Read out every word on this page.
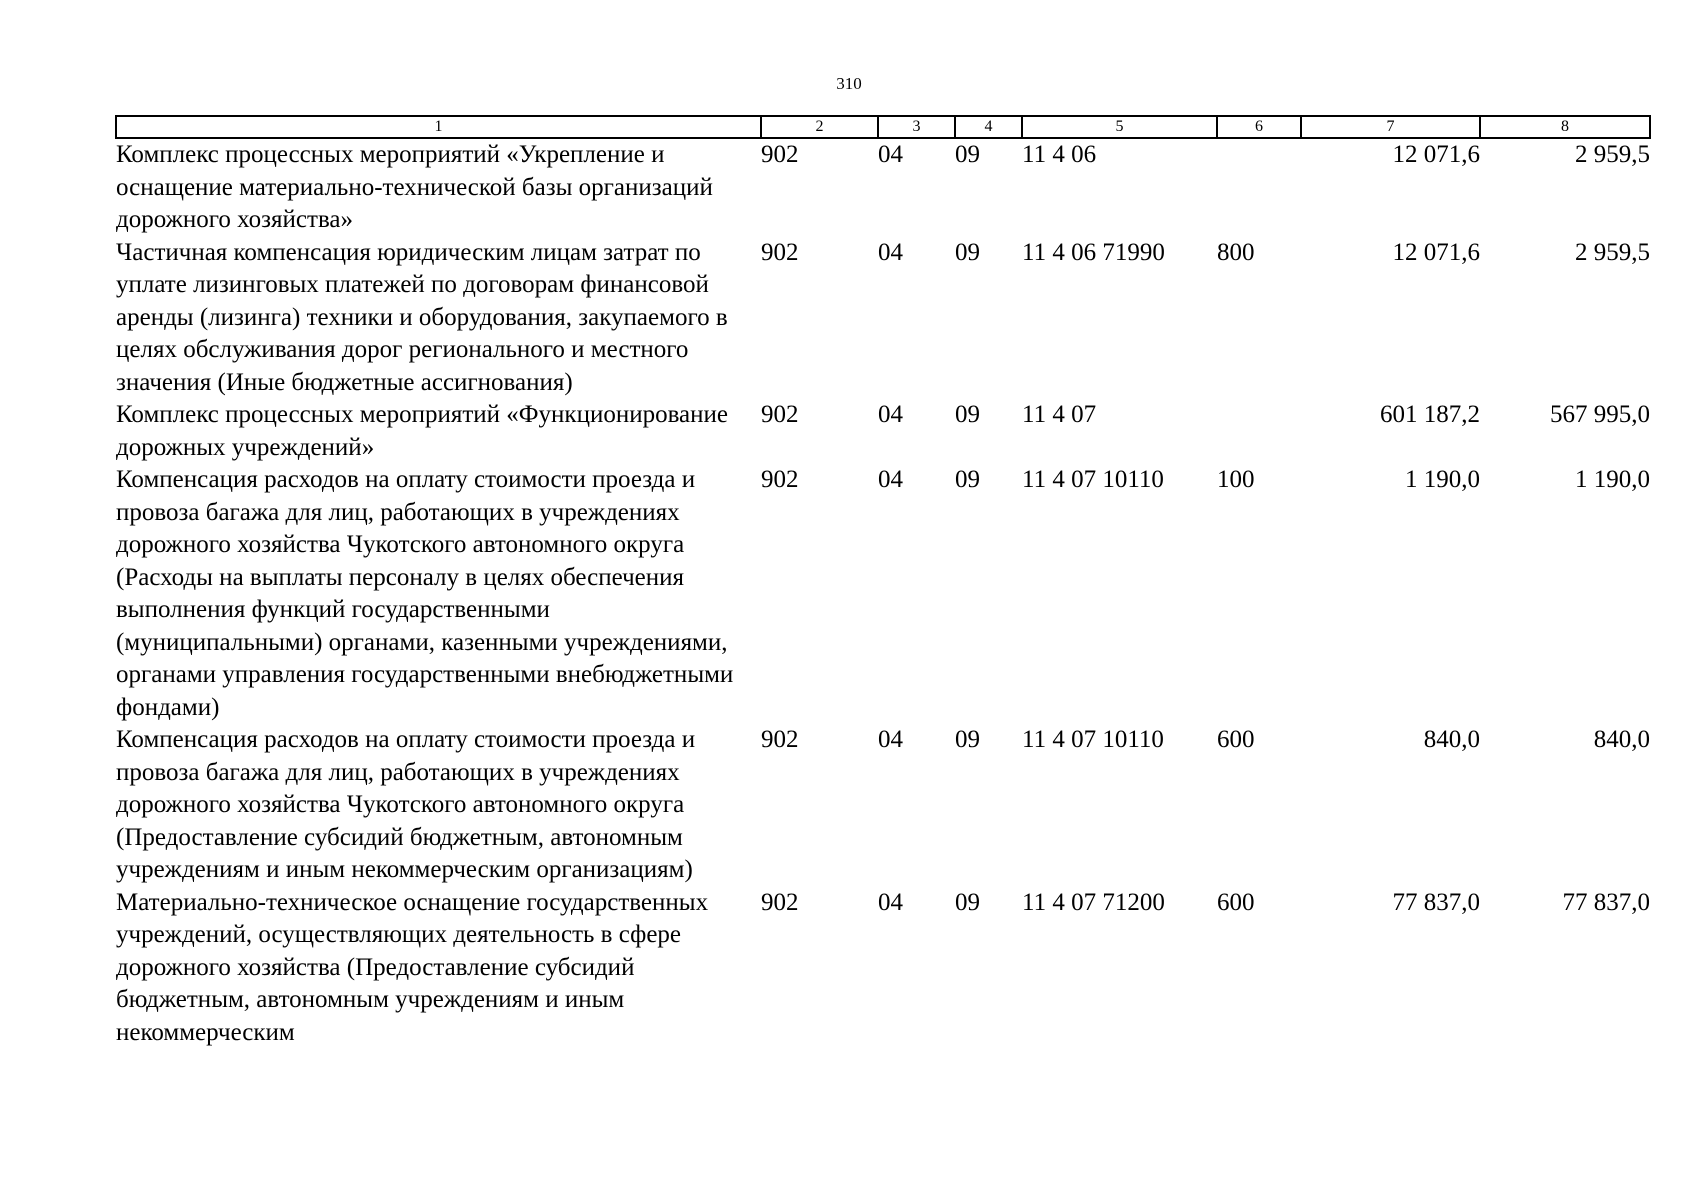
310
1	2	3	4	5	6	7	8
Комплекс процессных мероприятий «Укрепление и оснащение материально-технической базы организаций дорожного хозяйства»	902	04	09	11 4 06		12 071,6	2 959,5
Частичная компенсация юридическим лицам затрат по уплате лизинговых платежей по договорам финансовой аренды (лизинга) техники и оборудования, закупаемого в целях обслуживания дорог регионального и местного значения (Иные бюджетные ассигнования)	902	04	09	11 4 06 71990	800	12 071,6	2 959,5
Комплекс процессных мероприятий «Функционирование дорожных учреждений»	902	04	09	11 4 07		601 187,2	567 995,0
Компенсация расходов на оплату стоимости проезда и провоза багажа для лиц, работающих в учреждениях дорожного хозяйства Чукотского автономного округа (Расходы на выплаты персоналу в целях обеспечения выполнения функций государственными (муниципальными) органами, казенными учреждениями, органами управления государственными внебюджетными фондами)	902	04	09	11 4 07 10110	100	1 190,0	1 190,0
Компенсация расходов на оплату стоимости проезда и провоза багажа для лиц, работающих в учреждениях дорожного хозяйства Чукотского автономного округа (Предоставление субсидий бюджетным, автономным учреждениям и иным некоммерческим организациям)	902	04	09	11 4 07 10110	600	840,0	840,0
Материально-техническое оснащение государственных учреждений, осуществляющих деятельность в сфере дорожного хозяйства (Предоставление субсидий бюджетным, автономным учреждениям и иным некоммерческим	902	04	09	11 4 07 71200	600	77 837,0	77 837,0
